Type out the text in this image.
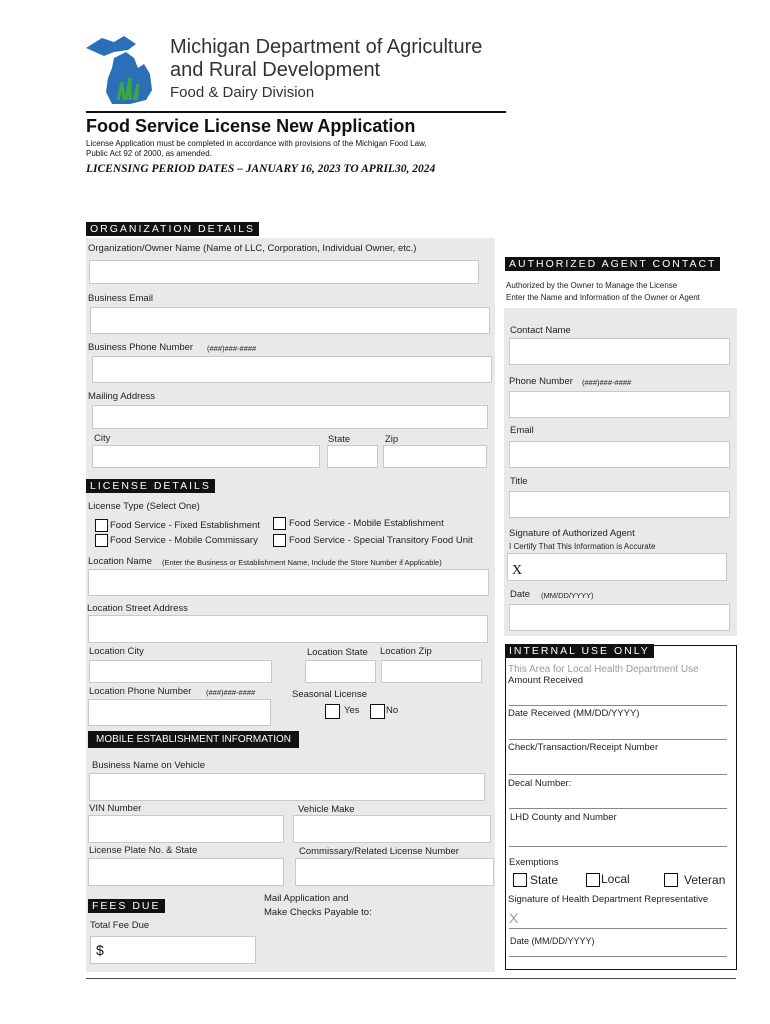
Michigan Department of Agriculture
and Rural Development
Food & Dairy Division
Food Service License New Application
License Application must be completed in accordance with provisions of the Michigan Food Law,
Public Act 92 of 2000, as amended.
LICENSING PERIOD DATES – JANUARY 16, 2023 TO APRIL30, 2024
ORGANIZATION DETAILS
Organization/Owner Name (Name of LLC, Corporation, Individual Owner, etc.)
Business Email
Business Phone Number (###)###-####
Mailing Address
City	State	Zip
LICENSE DETAILS
License Type (Select One)
Food Service - Fixed Establishment	Food Service - Mobile Establishment
Food Service - Mobile Commissary	Food Service - Special Transitory Food Unit
Location Name (Enter the Business or Establishment Name, Include the Store Number if Applicable)
Location Street Address
Location City	Location State Location Zip
Location Phone Number (###)###-####	Seasonal License
Yes	No
MOBILE ESTABLISHMENT INFORMATION
Business Name on Vehicle
VIN Number	Vehicle Make
License Plate No. & State	Commissary/Related License Number
FEES DUE
Total Fee Due
$
Mail Application and
Make Checks Payable to:
AUTHORIZED AGENT CONTACT
Authorized by the Owner to Manage the License
Enter the Name and Information of the Owner or Agent
Contact Name
Phone Number (###)###-####
Email
Title
Signature of Authorized Agent
I Certify That This Information is Accurate
X
Date (MM/DD/YYYY)
INTERNAL USE ONLY
This Area for Local Health Department Use
Amount Received
Date Received (MM/DD/YYYY)
Check/Transaction/Receipt Number
Decal Number:
LHD County and Number
Exemptions
State	Local	Veteran
Signature of Health Department Representative
X
Date (MM/DD/YYYY)
